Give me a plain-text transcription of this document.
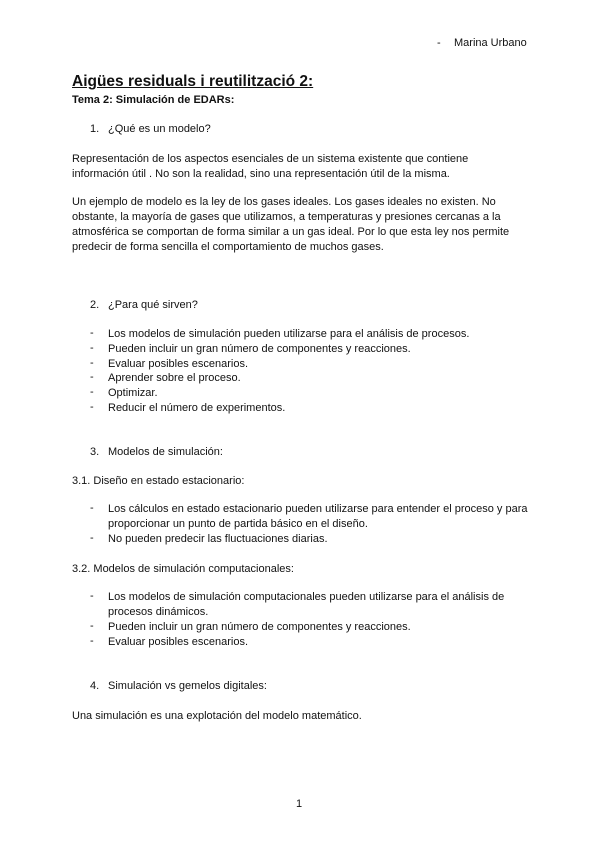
- Marina Urbano
Aigües residuals i reutilització 2:
Tema 2: Simulación de EDARs:
1. ¿Qué es un modelo?
Representación de los aspectos esenciales de un sistema existente que contiene información útil . No son la realidad, sino una representación útil de la misma.
Un ejemplo de modelo es la ley de los gases ideales. Los gases ideales no existen. No obstante, la mayoría de gases que utilizamos, a temperaturas y presiones cercanas a la atmosférica se comportan de forma similar a un gas ideal. Por lo que esta ley nos permite predecir de forma sencilla el comportamiento de muchos gases.
2. ¿Para qué sirven?
- Los modelos de simulación pueden utilizarse para el análisis de procesos.
- Pueden incluir un gran número de componentes y reacciones.
- Evaluar posibles escenarios.
- Aprender sobre el proceso.
- Optimizar.
- Reducir el número de experimentos.
3. Modelos de simulación:
3.1. Diseño en estado estacionario:
- Los cálculos en estado estacionario pueden utilizarse para entender el proceso y para proporcionar un punto de partida básico en el diseño.
- No pueden predecir las fluctuaciones diarias.
3.2. Modelos de simulación computacionales:
- Los modelos de simulación computacionales pueden utilizarse para el análisis de procesos dinámicos.
- Pueden incluir un gran número de componentes y reacciones.
- Evaluar posibles escenarios.
4. Simulación vs gemelos digitales:
Una simulación es una explotación del modelo matemático.
1
